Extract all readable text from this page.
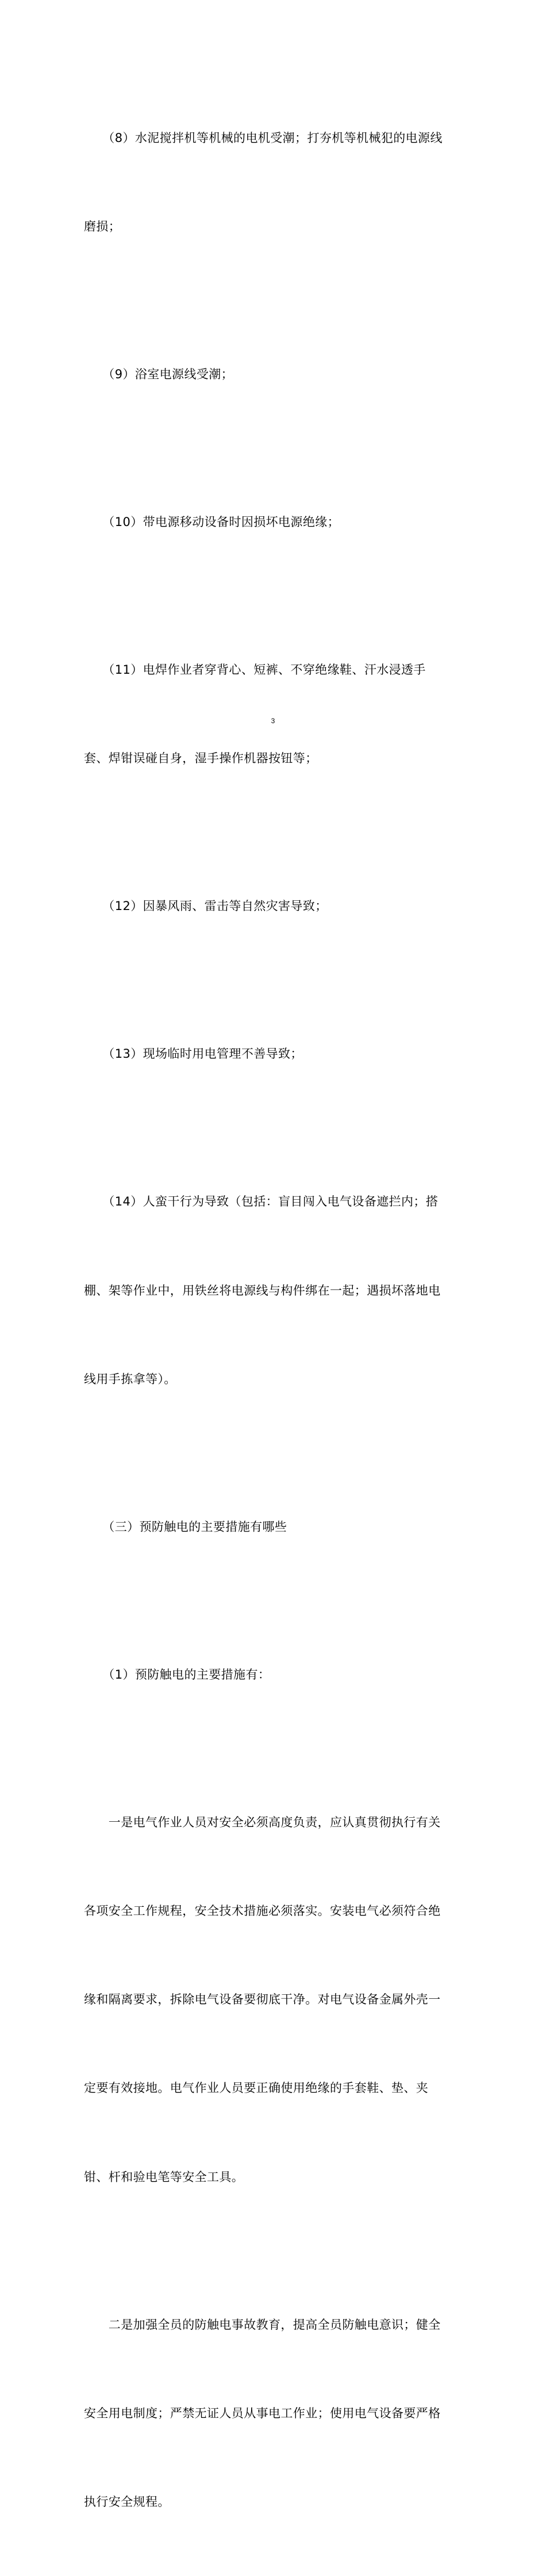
　　（8）水泥搅拌机等机械的电机受潮；打夯机等机械犯的电源线

磨损；

　　（9）浴室电源线受潮；

　　（10）带电源移动设备时因损坏电源绝缘；

　　（11）电焊作业者穿背心、短裤、不穿绝缘鞋、汗水浸透手

套、焊钳误碰自身，湿手操作机器按钮等；

　　（12）因暴风雨、雷击等自然灾害导致；

　　（13）现场临时用电管理不善导致；

　　（14）人蛮干行为导致（包括：盲目闯入电气设备遮拦内；搭

棚、架等作业中，用铁丝将电源线与构件绑在一起；遇损坏落地电

线用手拣拿等）。

　　（三）预防触电的主要措施有哪些

　　（1）预防触电的主要措施有：

　　一是电气作业人员对安全必须高度负责，应认真贯彻执行有关

各项安全工作规程，安全技术措施必须落实。安装电气必须符合绝

缘和隔离要求，拆除电气设备要彻底干净。对电气设备金属外壳一

定要有效接地。电气作业人员要正确使用绝缘的手套鞋、垫、夹

钳、杆和验电笔等安全工具。

　　二是加强全员的防触电事故教育，提高全员防触电意识；健全

安全用电制度；严禁无证人员从事电工作业；使用电气设备要严格

执行安全规程。

3
